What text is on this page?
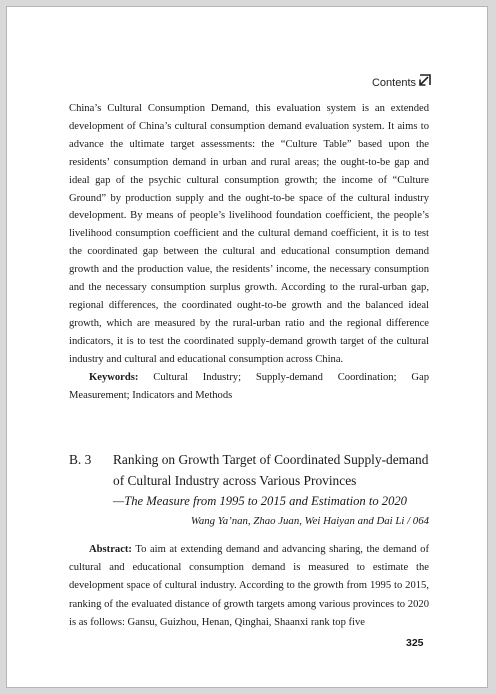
Contents

China’s Cultural Consumption Demand, this evaluation system is an extended development of China’s cultural consumption demand evaluation system. It aims to advance the ultimate target assessments: the “Culture Table” based upon the residents’ consumption demand in urban and rural areas; the ought-to-be gap and ideal gap of the psychic cultural consumption growth; the income of “Culture Ground” by production supply and the ought-to-be space of the cultural industry development. By means of people’s livelihood foundation coefficient, the people’s livelihood consumption coefficient and the cultural demand coefficient, it is to test the coordinated gap between the cultural and educational consumption demand growth and the production value, the residents’ income, the necessary consumption and the necessary consumption surplus growth. According to the rural-urban gap, regional differences, the coordinated ought-to-be growth and the balanced ideal growth, which are measured by the rural-urban ratio and the regional difference indicators, it is to test the coordinated supply-demand growth target of the cultural industry and cultural and educational consumption across China.

Keywords: Cultural Industry; Supply-demand Coordination; Gap Measurement; Indicators and Methods

B. 3	Ranking on Growth Target of Coordinated Supply-demand of Cultural Industry across Various Provinces
—The Measure from 1995 to 2015 and Estimation to 2020
Wang Ya’nan, Zhao Juan, Wei Haiyan and Dai Li / 064

Abstract: To aim at extending demand and advancing sharing, the demand of cultural and educational consumption demand is measured to estimate the development space of cultural industry. According to the growth from 1995 to 2015, ranking of the evaluated distance of growth targets among various provinces to 2020 is as follows: Gansu, Guizhou, Henan, Qinghai, Shaanxi rank top five

325
